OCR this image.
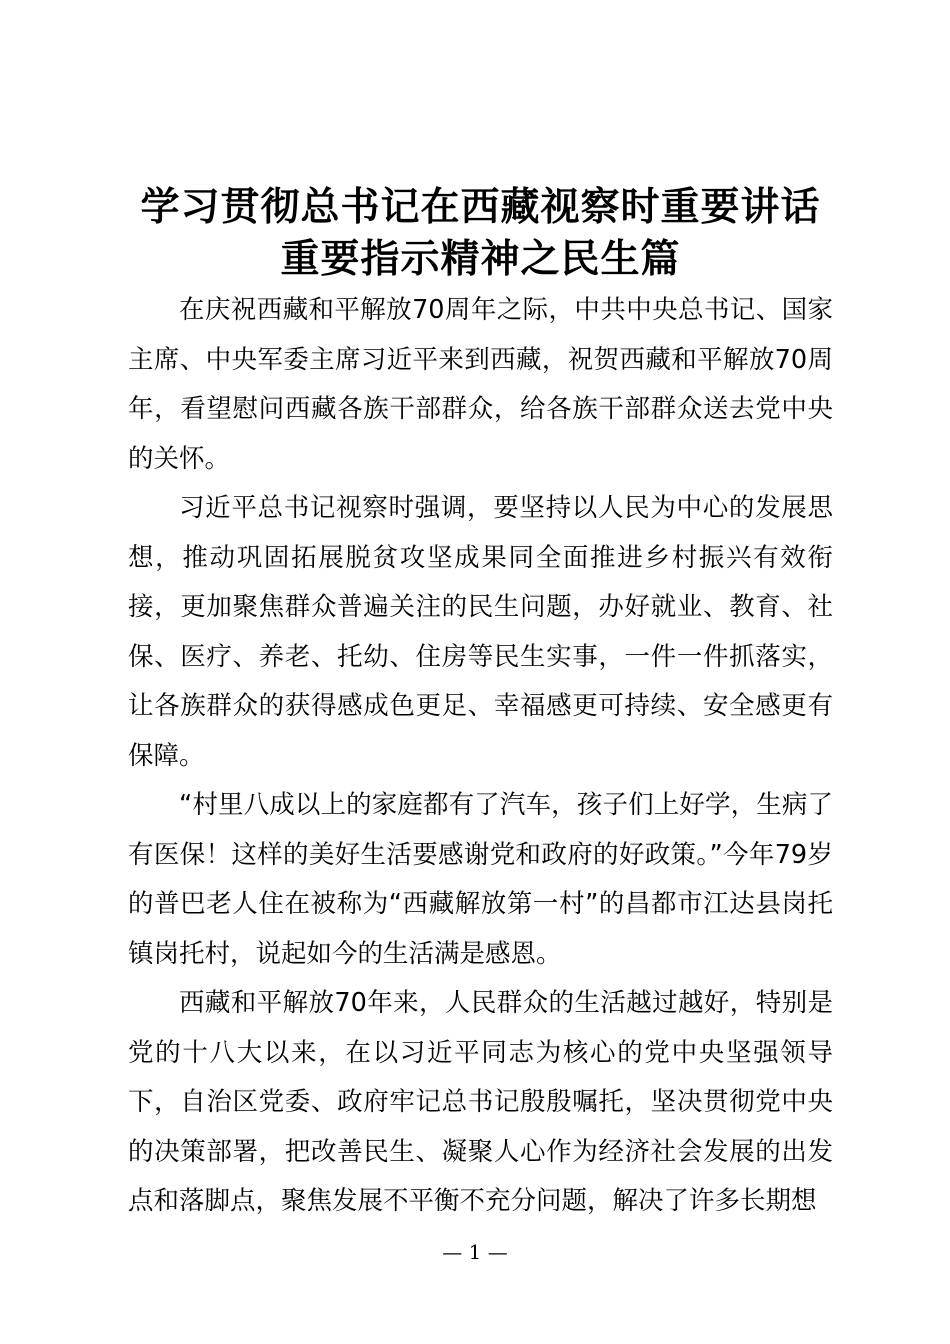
学习贯彻总书记在西藏视察时重要讲话
重要指示精神之民生篇

在庆祝西藏和平解放70周年之际，中共中央总书记、国家主席、中央军委主席习近平来到西藏，祝贺西藏和平解放70周年，看望慰问西藏各族干部群众，给各族干部群众送去党中央的关怀。

习近平总书记视察时强调，要坚持以人民为中心的发展思想，推动巩固拓展脱贫攻坚成果同全面推进乡村振兴有效衔接，更加聚焦群众普遍关注的民生问题，办好就业、教育、社保、医疗、养老、托幼、住房等民生实事，一件一件抓落实，让各族群众的获得感成色更足、幸福感更可持续、安全感更有保障。

“村里八成以上的家庭都有了汽车，孩子们上好学，生病了有医保！这样的美好生活要感谢党和政府的好政策。”今年79岁的普巴老人住在被称为“西藏解放第一村”的昌都市江达县岗托镇岗托村，说起如今的生活满是感恩。

西藏和平解放70年来，人民群众的生活越过越好，特别是党的十八大以来，在以习近平同志为核心的党中央坚强领导下，自治区党委、政府牢记总书记殷殷嘱托，坚决贯彻党中央的决策部署，把改善民生、凝聚人心作为经济社会发展的出发点和落脚点，聚焦发展不平衡不充分问题，解决了许多长期想

— 1 —
